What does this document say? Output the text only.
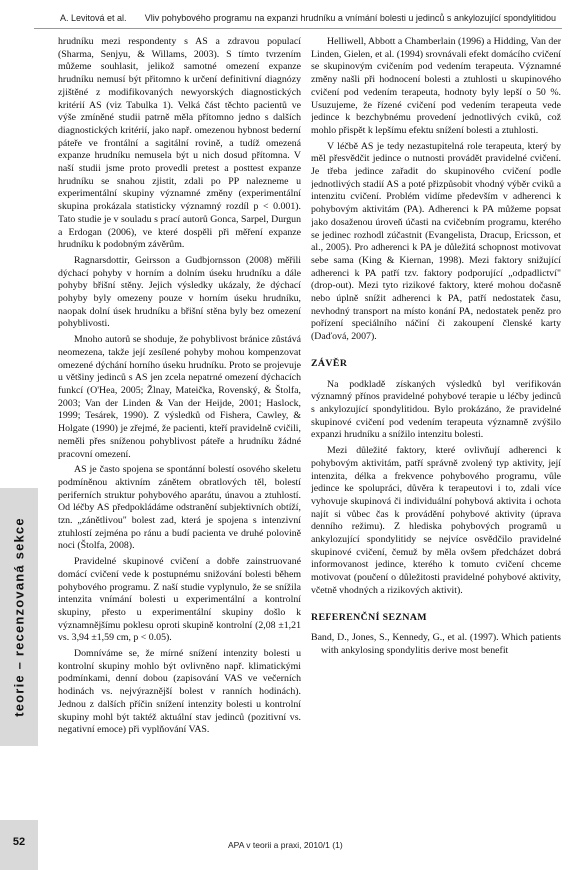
A. Levitová et al. Vliv pohybového programu na expanzi hrudníku a vnímání bolesti u jedinců s ankylozující spondylitidou
teorie – recenzovaná sekce
52	APA v teorii a praxi, 2010/1 (1)

hrudníku mezi respondenty s AS a zdravou populací (Sharma, Senjyu, & Willams, 2003). S tímto tvrzením můžeme souhlasit, jelikož samotné omezení expanze hrudníku nemusí být přitomno k určení definitivní diagnózy zjištěné z modifikovaných newyorských diagnostických kritérií AS (viz Tabulka 1). Velká část těchto pacientů ve výše zmíněné studii patrně měla přítomno jedno s dalších diagnostických kritérií, jako např. omezenou hybnost bederní páteře ve frontální a sagitální rovině, a tudíž omezená expanze hrudníku nemusela být u nich dosud přítomna. V naší studii jsme proto provedli pretest a posttest expanze hrudníku se snahou zjistit, zdali po PP nalezneme u experimentální skupiny významné změny (experimentální skupina prokázala statisticky významný rozdíl p < 0.001). Tato studie je v souladu s prací autorů Gonca, Sarpel, Durgun a Erdogan (2006), ve které dospěli při měření expanze hrudníku k podobným závěrům.

Ragnarsdottir, Geirsson a Gudbjornsson (2008) měřili dýchací pohyby v horním a dolním úseku hrudníku a dále pohyby břišní stěny. Jejich výsledky ukázaly, že dýchací pohyby byly omezeny pouze v horním úseku hrudníku, naopak dolní úsek hrudníku a břišní stěna byly bez omezení pohyblivosti.

Mnoho autorů se shoduje, že pohyblivost bránice zůstává neomezena, takže její zesílené pohyby mohou kompenzovat omezené dýchání horního úseku hrudníku. Proto se projevuje u většiny jedinců s AS jen zcela nepatrné omezení dýchacích funkcí (O'Hea, 2005; Žlnay, Mateička, Rovenský, & Štolfa, 2003; Van der Linden & Van der Heijde, 2001; Haslock, 1999; Tesárek, 1990). Z výsledků od Fishera, Cawley, & Holgate (1990) je zřejmé, že pacienti, kteří pravidelně cvičili, neměli přes sníženou pohyblivost páteře a hrudníku žádné pracovní omezení.

AS je často spojena se spontánní bolestí osového skeletu podmíněnou aktivním zánětem obratlových těl, bolestí periferních struktur pohybového aparátu, únavou a ztuhlostí. Od léčby AS předpokládáme odstranění subjektivních obtíží, tzn. „zánětlivou" bolest zad, která je spojena s intenzivní ztuhlostí zejména po ránu a budí pacienta ve druhé polovině noci (Štolfa, 2008).

Pravidelné skupinové cvičení a dobře zainstruované domácí cvičení vede k postupnému snižování bolesti během pohybového programu. Z naší studie vyplynulo, že se snížila intenzita vnímání bolesti u experimentální a kontrolní skupiny, přesto u experimentální skupiny došlo k významnějšímu poklesu oproti skupině kontrolní (2,08 ±1,21 vs. 3,94 ±1,59 cm, p < 0.05).

Domníváme se, že mírné snížení intenzity bolesti u kontrolní skupiny mohlo být ovlivněno např. klimatickými podmínkami, denní dobou (zapisování VAS ve večerních hodinách vs. nejvýraznější bolest v ranních hodinách). Jednou z dalších příčin snížení intenzity bolesti u kontrolní skupiny mohl být taktéž aktuální stav jedinců (pozitivní vs. negativní emoce) při vyplňování VAS.

Helliwell, Abbott a Chamberlain (1996) a Hidding, Van der Linden, Gielen, et al. (1994) srovnávali efekt domácího cvičení se skupinovým cvičením pod vedením terapeuta. Významné změny našli při hodnocení bolesti a ztuhlosti u skupinového cvičení pod vedením terapeuta, hodnoty byly lepší o 50 %. Usuzujeme, že řízené cvičení pod vedením terapeuta vede jedince k bezchybnému provedení jednotlivých cviků, což mohlo přispět k lepšímu efektu snížení bolesti a ztuhlosti.

V léčbě AS je tedy nezastupitelná role terapeuta, který by měl přesvědčit jedince o nutnosti provádět pravidelné cvičení. Je třeba jedince zařadit do skupinového cvičení podle jednotlivých stadií AS a poté přizpůsobit vhodný výběr cviků a intenzitu cvičení. Problém vidíme především v adherenci k pohybovým aktivitám (PA). Adherenci k PA můžeme popsat jako dosaženou úroveň účasti na cvičebním programu, kterého se jedinec rozhodl zúčastnit (Evangelista, Dracup, Ericsson, et al., 2005). Pro adherenci k PA je důležitá schopnost motivovat sebe sama (King & Kiernan, 1998). Mezi faktory snižující adherenci k PA patří tzv. faktory podporující „odpadlictví" (drop-out). Mezi tyto rizikové faktory, které mohou dočasně nebo úplně snížit adherenci k PA, patří nedostatek času, nevhodný transport na místo konání PA, nedostatek peněz pro pořízení speciálního náčiní či zakoupení členské karty (Daďová, 2007).

ZÁVĚR

Na podkladě získaných výsledků byl verifikován významný přínos pravidelné pohybové terapie u léčby jedinců s ankylozující spondylitidou. Bylo prokázáno, že pravidelné skupinové cvičení pod vedením terapeuta významně zvýšilo expanzi hrudníku a snížilo intenzitu bolesti.

Mezi důležité faktory, které ovlivňují adherenci k pohybovým aktivitám, patří správně zvolený typ aktivity, její intenzita, délka a frekvence pohybového programu, vůle jedince ke spolupráci, důvěra k terapeutovi i to, zdali více vyhovuje skupinová či individuální pohybová aktivita i ochota najít si vůbec čas k provádění pohybové aktivity (úprava denního režimu). Z hlediska pohybových programů u ankylozující spondylitidy se nejvíce osvědčilo pravidelné skupinové cvičení, čemuž by měla ovšem předcházet dobrá informovanost jedince, kterého k tomuto cvičení chceme motivovat (poučení o důležitosti pravidelné pohybové aktivity, včetně vhodných a rizikových aktivit).

REFERENČNÍ SEZNAM

Band, D., Jones, S., Kennedy, G., et al. (1997). Which patients with ankylosing spondylitis derive most benefit
